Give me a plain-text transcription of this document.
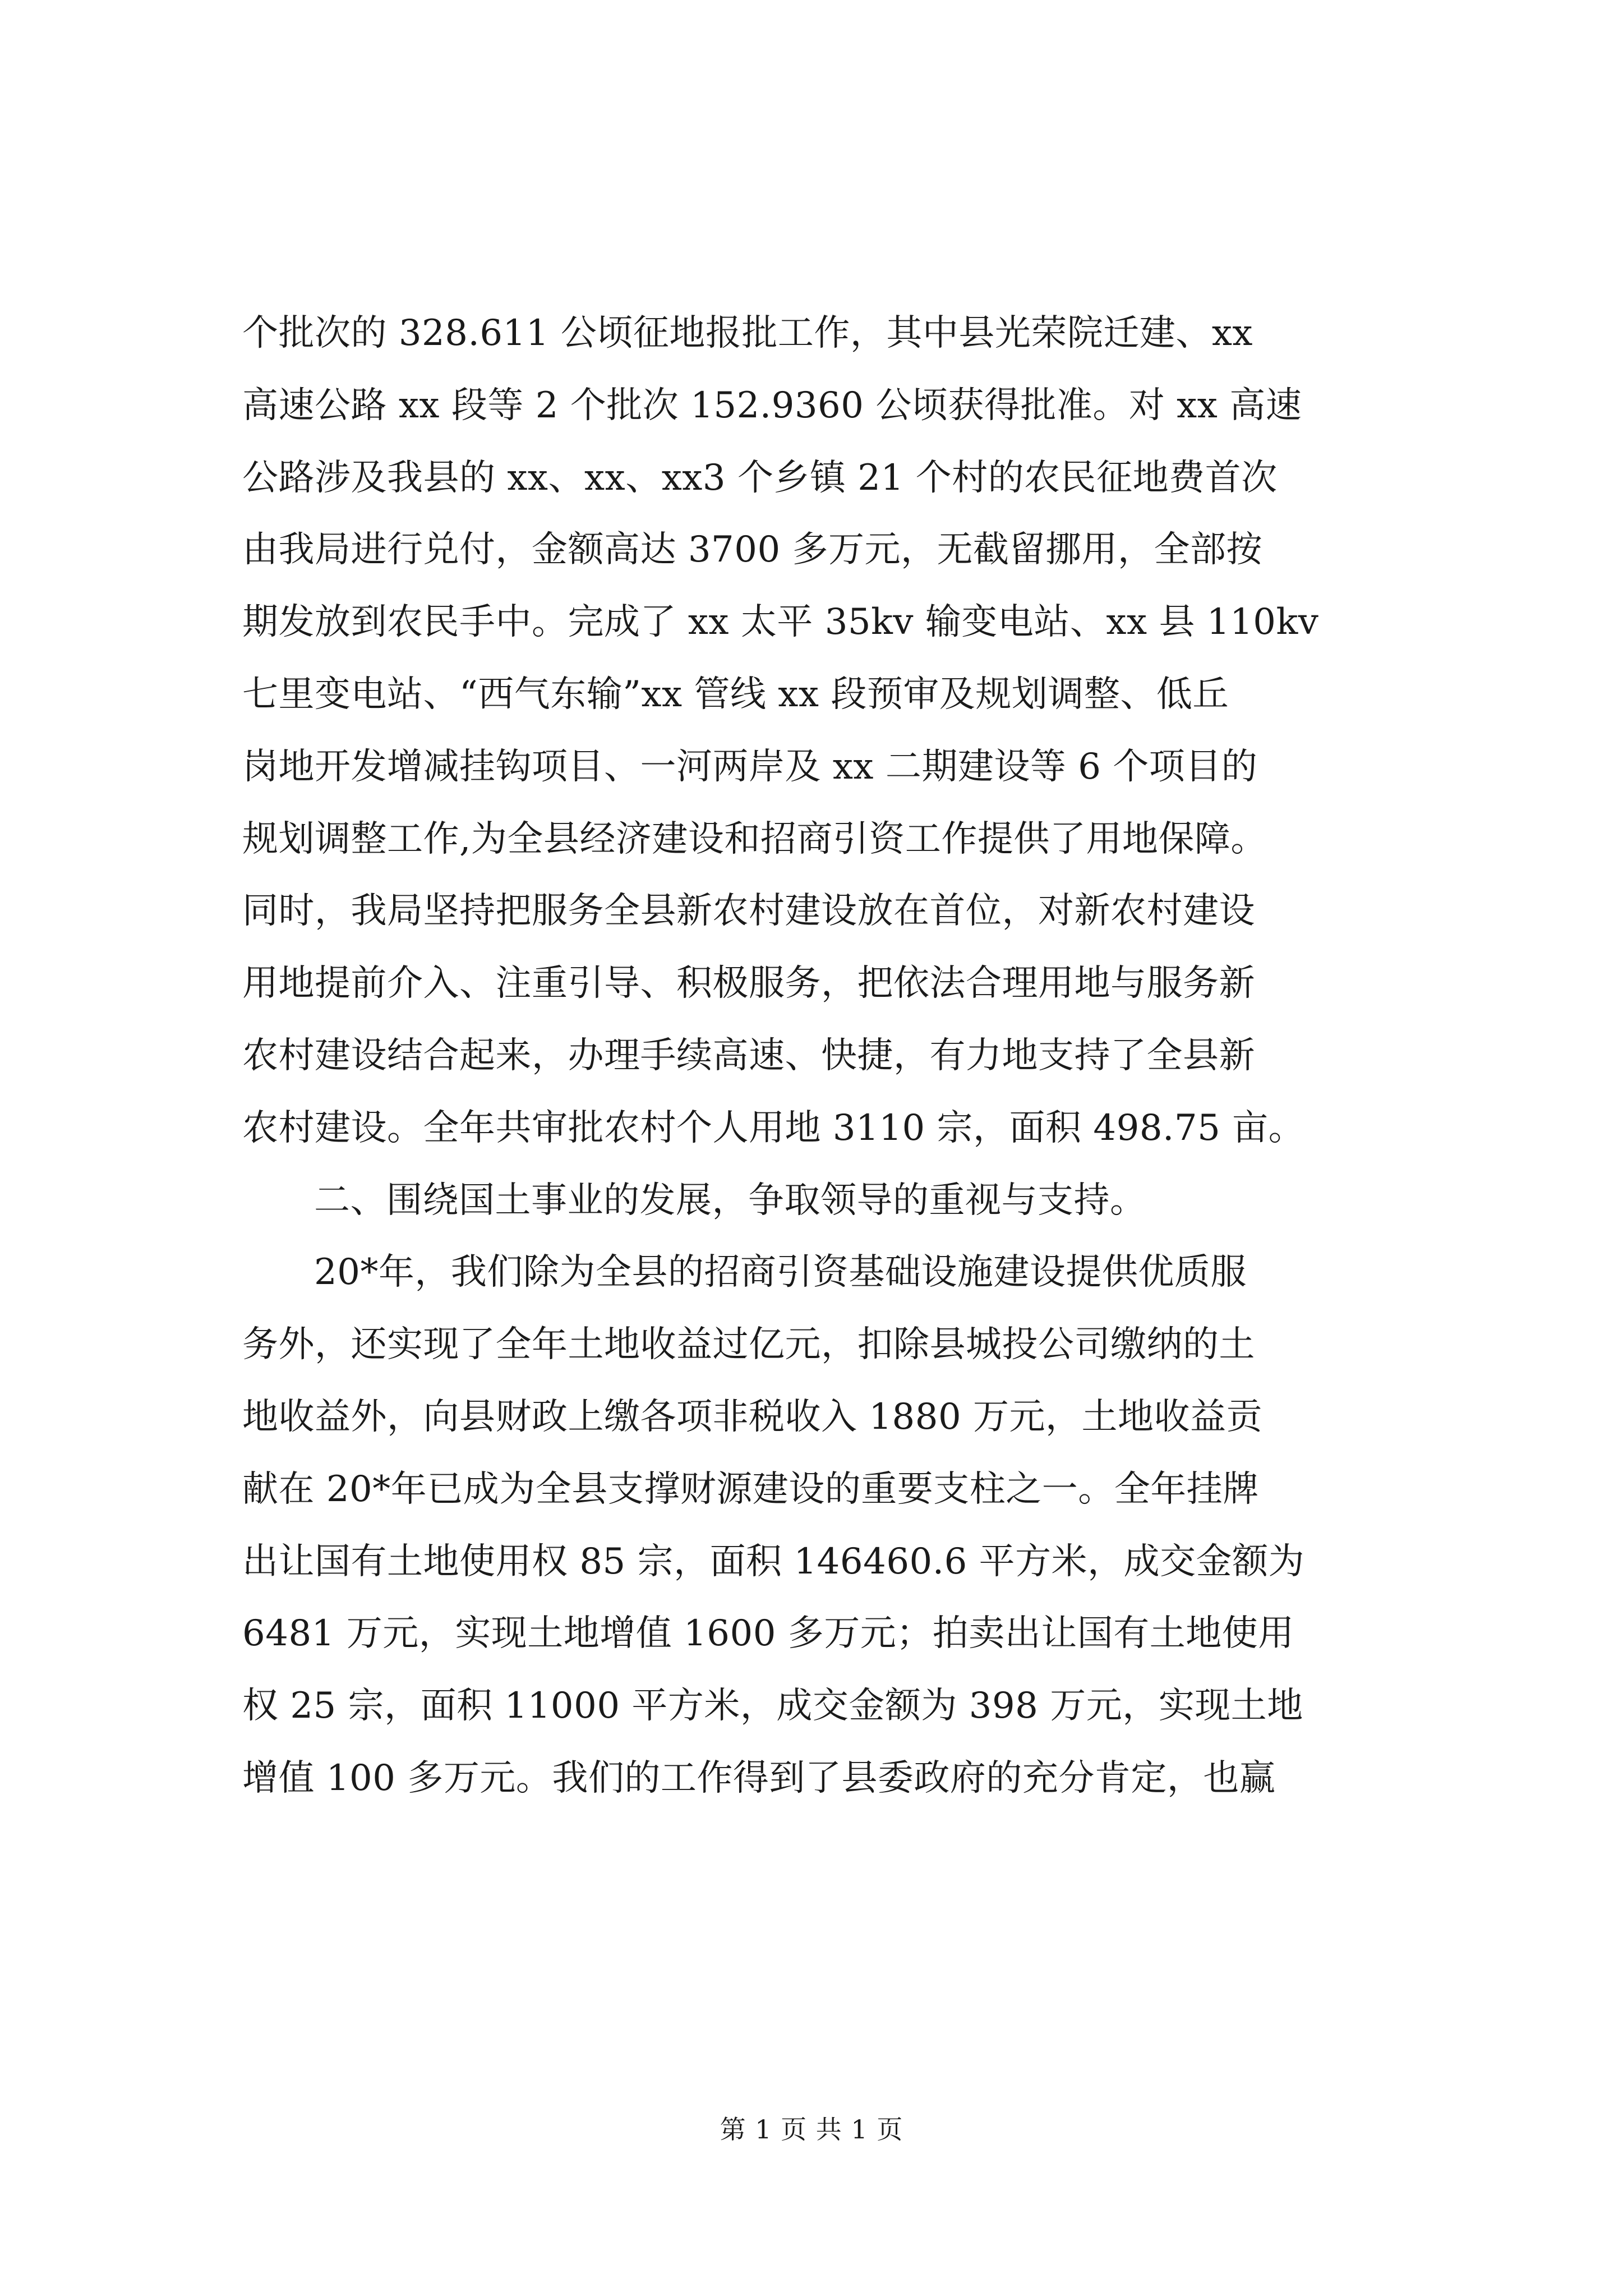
个批次的 328.611 公顷征地报批工作，其中县光荣院迁建、xx
高速公路 xx 段等 2 个批次 152.9360 公顷获得批准。对 xx 高速
公路涉及我县的 xx、xx、xx3 个乡镇 21 个村的农民征地费首次
由我局进行兑付，金额高达 3700 多万元，无截留挪用，全部按
期发放到农民手中。完成了 xx 太平 35kv 输变电站、xx 县 110kv
七里变电站、“西气东输”xx 管线 xx 段预审及规划调整、低丘
岗地开发增减挂钩项目、一河两岸及 xx 二期建设等 6 个项目的
规划调整工作,为全县经济建设和招商引资工作提供了用地保障。
同时，我局坚持把服务全县新农村建设放在首位，对新农村建设
用地提前介入、注重引导、积极服务，把依法合理用地与服务新
农村建设结合起来，办理手续高速、快捷，有力地支持了全县新
农村建设。全年共审批农村个人用地 3110 宗，面积 498.75 亩。
二、围绕国土事业的发展，争取领导的重视与支持。
20*年，我们除为全县的招商引资基础设施建设提供优质服
务外，还实现了全年土地收益过亿元，扣除县城投公司缴纳的土
地收益外，向县财政上缴各项非税收入 1880 万元，土地收益贡
献在 20*年已成为全县支撑财源建设的重要支柱之一。全年挂牌
出让国有土地使用权 85 宗，面积 146460.6 平方米，成交金额为
6481 万元，实现土地增值 1600 多万元；拍卖出让国有土地使用
权 25 宗，面积 11000 平方米，成交金额为 398 万元，实现土地
增值 100 多万元。我们的工作得到了县委政府的充分肯定，也赢
第 1 页 共 1 页
